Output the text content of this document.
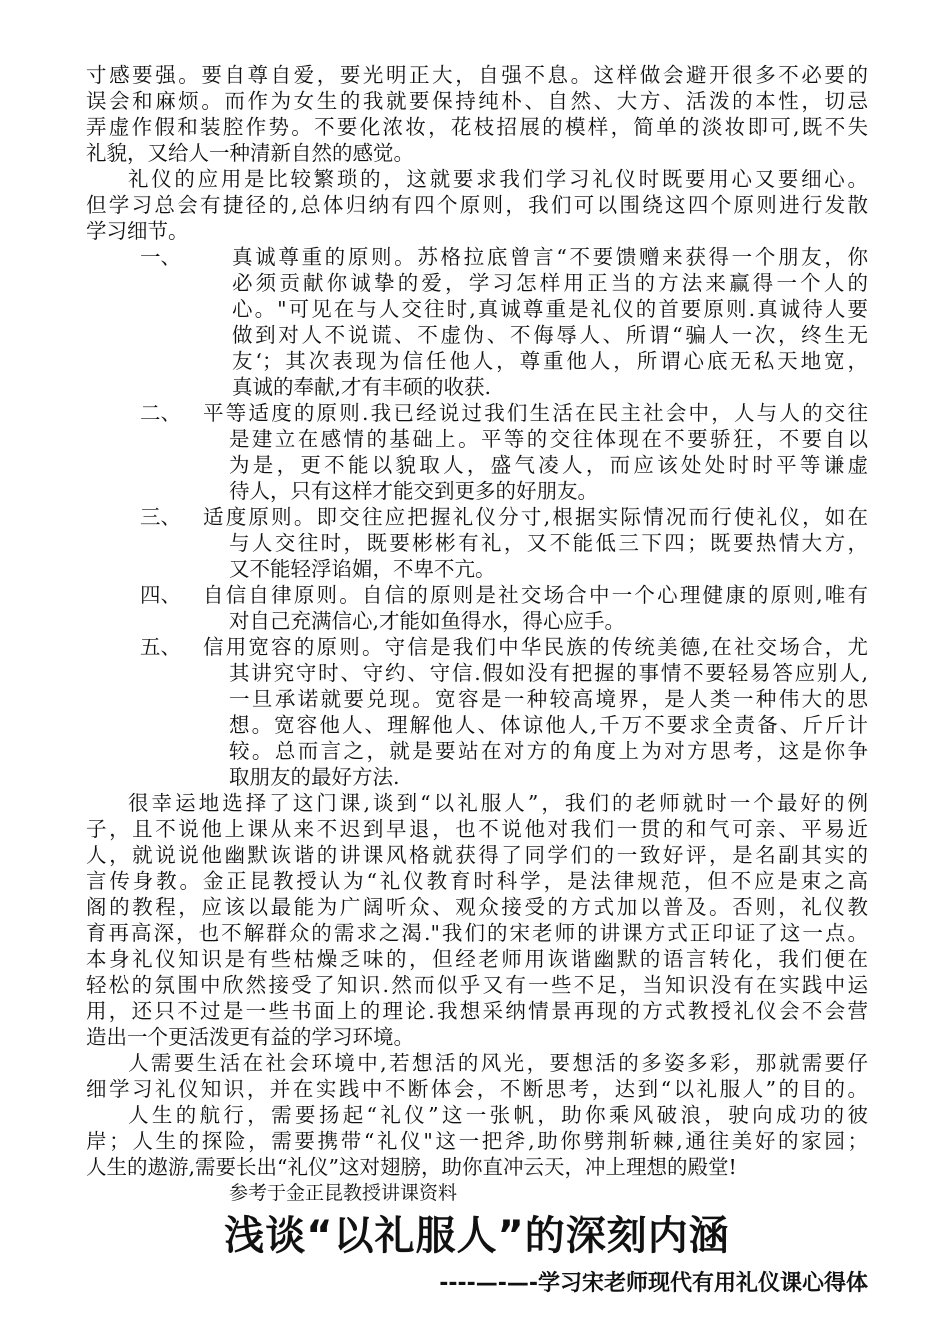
寸感要强。要自尊自爱，要光明正大，自强不息。这样做会避开很多不必要的
误会和麻烦。而作为女生的我就要保持纯朴、自然、大方、活泼的本性，切忌
弄虚作假和装腔作势。不要化浓妆，花枝招展的模样，简单的淡妆即可,既不失
礼貌，又给人一种清新自然的感觉。
礼仪的应用是比较繁琐的，这就要求我们学习礼仪时既要用心又要细心。
但学习总会有捷径的,总体归纳有四个原则，我们可以围绕这四个原则进行发散
学习细节。
一、 真诚尊重的原则。苏格拉底曾言“不要馈赠来获得一个朋友，你
必须贡献你诚挚的爱，学习怎样用正当的方法来赢得一个人的
心。"可见在与人交往时,真诚尊重是礼仪的首要原则.真诚待人要
做到对人不说谎、不虚伪、不侮辱人、所谓“骗人一次，终生无
友‘；其次表现为信任他人，尊重他人，所谓心底无私天地宽，
真诚的奉献,才有丰硕的收获.
二、 平等适度的原则.我已经说过我们生活在民主社会中，人与人的交往
是建立在感情的基础上。平等的交往体现在不要骄狂，不要自以
为是，更不能以貌取人，盛气凌人，而应该处处时时平等谦虚
待人，只有这样才能交到更多的好朋友。
三、 适度原则。即交往应把握礼仪分寸,根据实际情况而行使礼仪，如在
与人交往时，既要彬彬有礼，又不能低三下四；既要热情大方，
又不能轻浮谄媚，不卑不亢。
四、 自信自律原则。自信的原则是社交场合中一个心理健康的原则,唯有
对自己充满信心,才能如鱼得水，得心应手。
五、 信用宽容的原则。守信是我们中华民族的传统美德,在社交场合，尤
其讲究守时、守约、守信.假如没有把握的事情不要轻易答应别人,
一旦承诺就要兑现。宽容是一种较高境界，是人类一种伟大的思
想。宽容他人、理解他人、体谅他人,千万不要求全责备、斤斤计
较。总而言之，就是要站在对方的角度上为对方思考，这是你争
取朋友的最好方法.
很幸运地选择了这门课,谈到“以礼服人”，我们的老师就时一个最好的例
子，且不说他上课从来不迟到早退，也不说他对我们一贯的和气可亲、平易近
人，就说说他幽默诙谐的讲课风格就获得了同学们的一致好评，是名副其实的
言传身教。金正昆教授认为“礼仪教育时科学，是法律规范，但不应是束之高
阁的教程，应该以最能为广阔听众、观众接受的方式加以普及。否则，礼仪教
育再高深，也不解群众的需求之渴."我们的宋老师的讲课方式正印证了这一点。
本身礼仪知识是有些枯燥乏味的，但经老师用诙谐幽默的语言转化，我们便在
轻松的氛围中欣然接受了知识.然而似乎又有一些不足，当知识没有在实践中运
用，还只不过是一些书面上的理论.我想采纳情景再现的方式教授礼仪会不会营
造出一个更活泼更有益的学习环境。
人需要生活在社会环境中,若想活的风光，要想活的多姿多彩，那就需要仔
细学习礼仪知识，并在实践中不断体会，不断思考，达到“以礼服人”的目的。
人生的航行，需要扬起“礼仪”这一张帆，助你乘风破浪，驶向成功的彼
岸；人生的探险，需要携带“礼仪"这一把斧,助你劈荆斩棘,通往美好的家园；
人生的遨游,需要长出“礼仪”这对翅膀，助你直冲云天，冲上理想的殿堂!
参考于金正昆教授讲课资料
浅谈“以礼服人”的深刻内涵
----—-—-学习宋老师现代有用礼仪课心得体
